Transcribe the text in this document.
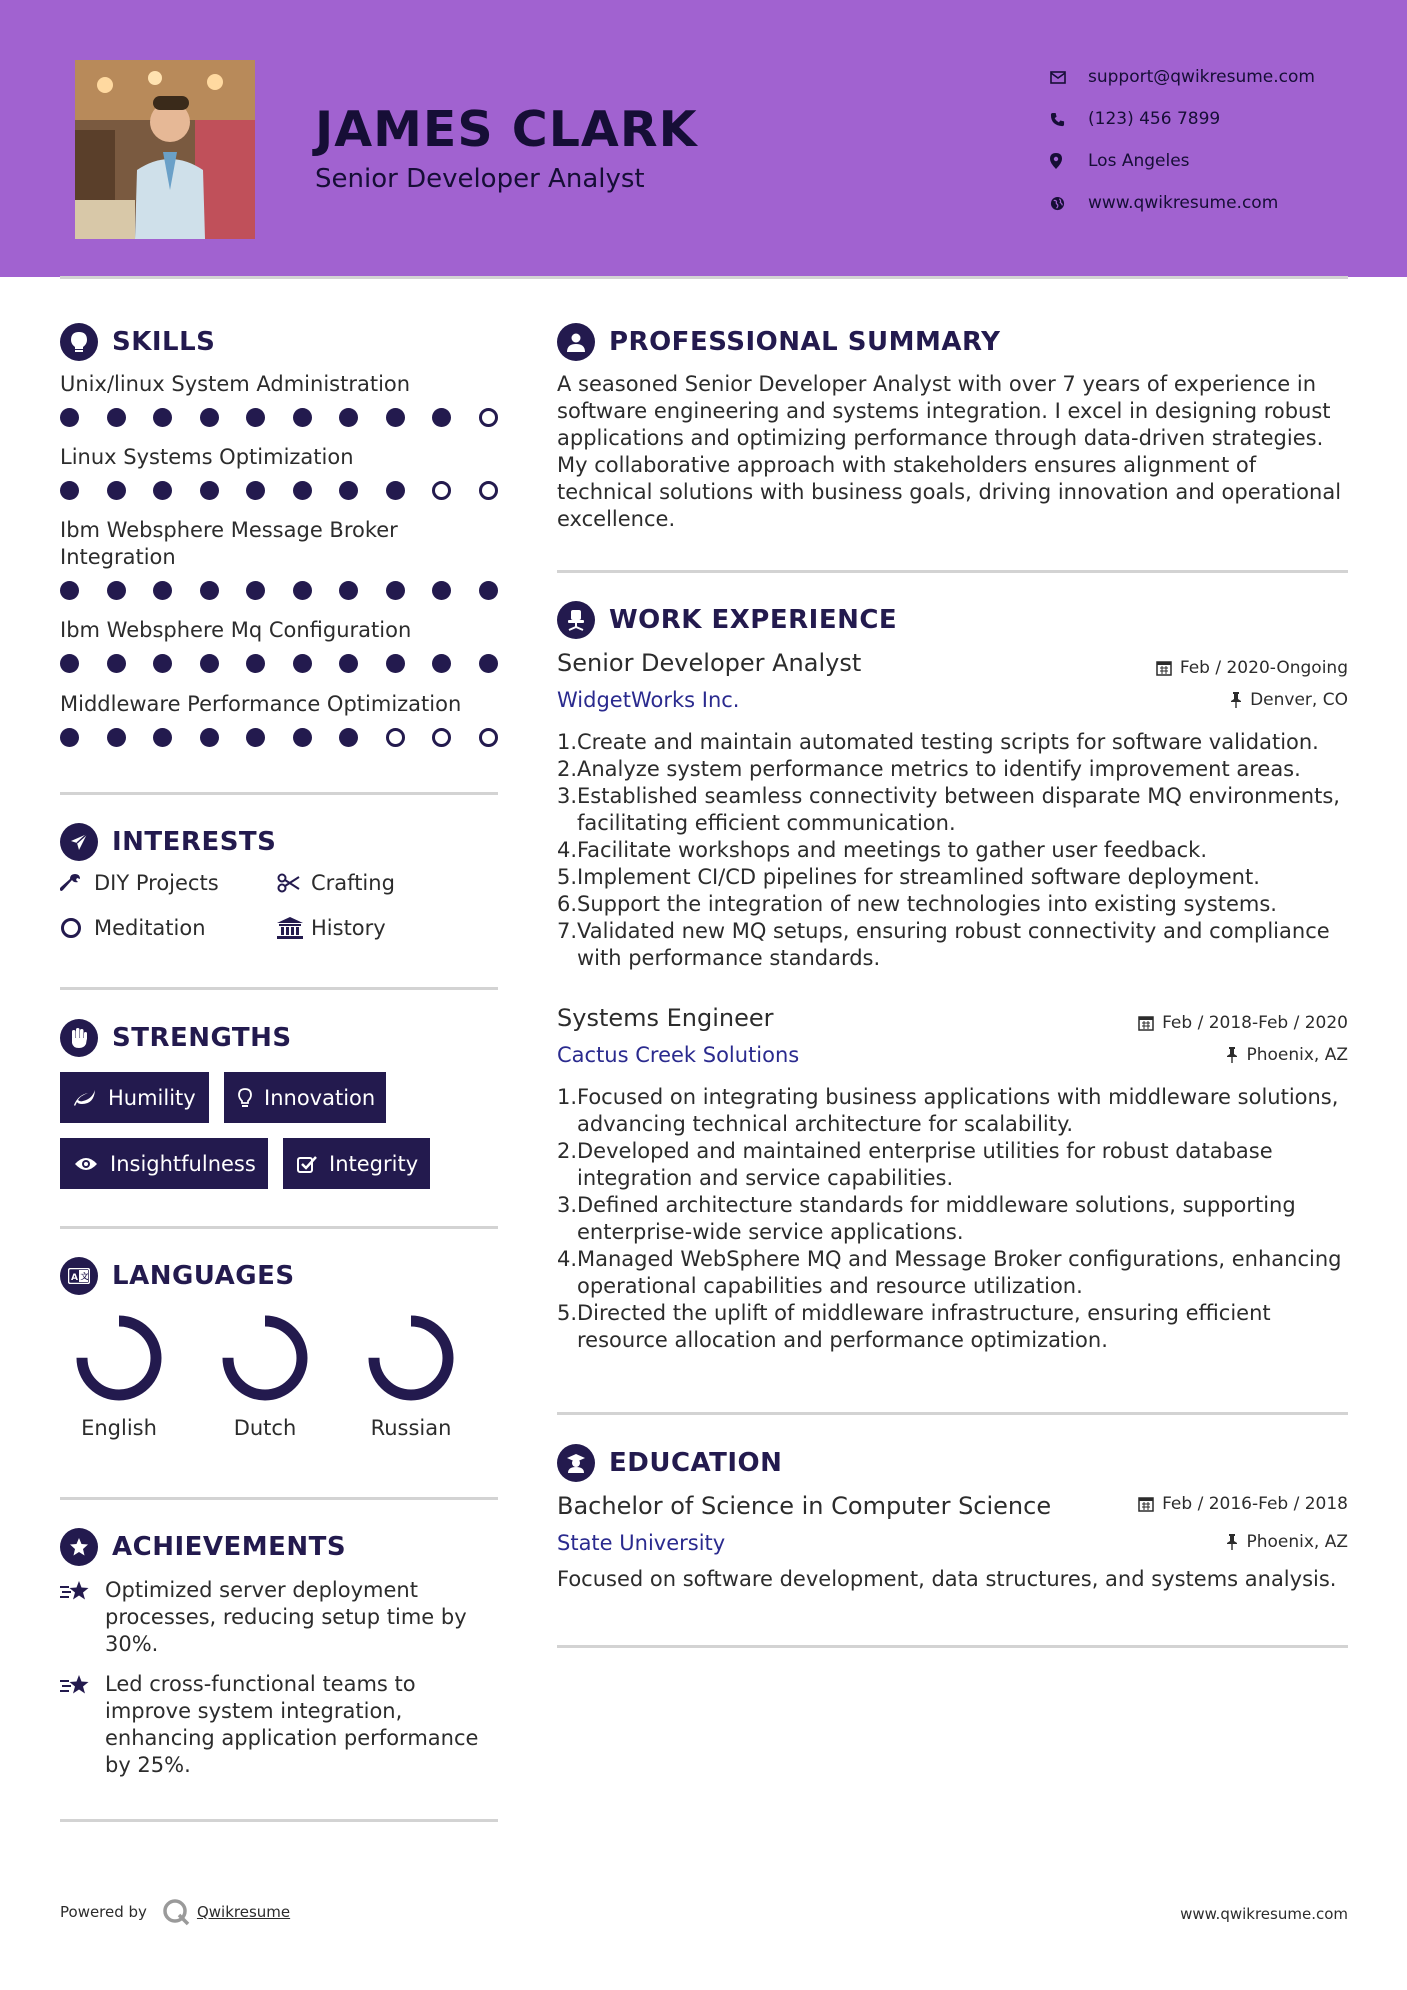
JAMES CLARK
Senior Developer Analyst
support@qwikresume.com
(123) 456 7899
Los Angeles
www.qwikresume.com
SKILLS
Unix/linux System Administration
Linux Systems Optimization
Ibm Websphere Message Broker Integration
Ibm Websphere Mq Configuration
Middleware Performance Optimization
INTERESTS
DIY Projects	Crafting
Meditation	History
STRENGTHS
Humility	Innovation
Insightfulness	Integrity
A 文 LANGUAGES
English	Dutch	Russian
ACHIEVEMENTS
Optimized server deployment processes, reducing setup time by 30%.
Led cross-functional teams to improve system integration, enhancing application performance by 25%.
PROFESSIONAL SUMMARY
A seasoned Senior Developer Analyst with over 7 years of experience in software engineering and systems integration. I excel in designing robust applications and optimizing performance through data-driven strategies. My collaborative approach with stakeholders ensures alignment of technical solutions with business goals, driving innovation and operational excellence.
WORK EXPERIENCE
Senior Developer Analyst	Feb / 2020-Ongoing
WidgetWorks Inc.	Denver, CO
1. Create and maintain automated testing scripts for software validation.
2. Analyze system performance metrics to identify improvement areas.
3. Established seamless connectivity between disparate MQ environments, facilitating efficient communication.
4. Facilitate workshops and meetings to gather user feedback.
5. Implement CI/CD pipelines for streamlined software deployment.
6. Support the integration of new technologies into existing systems.
7. Validated new MQ setups, ensuring robust connectivity and compliance with performance standards.
Systems Engineer	Feb / 2018-Feb / 2020
Cactus Creek Solutions	Phoenix, AZ
1. Focused on integrating business applications with middleware solutions, advancing technical architecture for scalability.
2. Developed and maintained enterprise utilities for robust database integration and service capabilities.
3. Defined architecture standards for middleware solutions, supporting enterprise-wide service applications.
4. Managed WebSphere MQ and Message Broker configurations, enhancing operational capabilities and resource utilization.
5. Directed the uplift of middleware infrastructure, ensuring efficient resource allocation and performance optimization.
EDUCATION
Bachelor of Science in Computer Science	Feb / 2016-Feb / 2018
State University	Phoenix, AZ
Focused on software development, data structures, and systems analysis.
Powered by	Qwikresume	www.qwikresume.com
